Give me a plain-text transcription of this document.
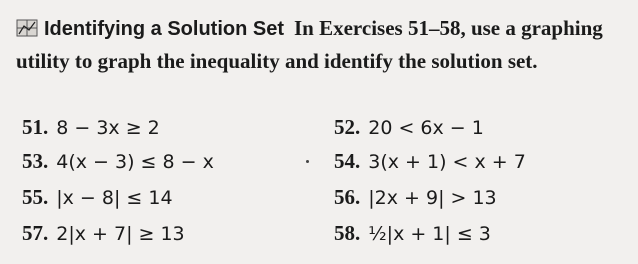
Identifying a Solution Set In Exercises 51–58, use a graphing utility to graph the inequality and identify the solution set.
51. 8 − 3x ≥ 2	52. 20 < 6x − 1
53. 4(x − 3) ≤ 8 − x	54. 3(x + 1) < x + 7
55. |x − 8| ≤ 14	56. |2x + 9| > 13
57. 2|x + 7| ≥ 13	58. ½|x + 1| ≤ 3
